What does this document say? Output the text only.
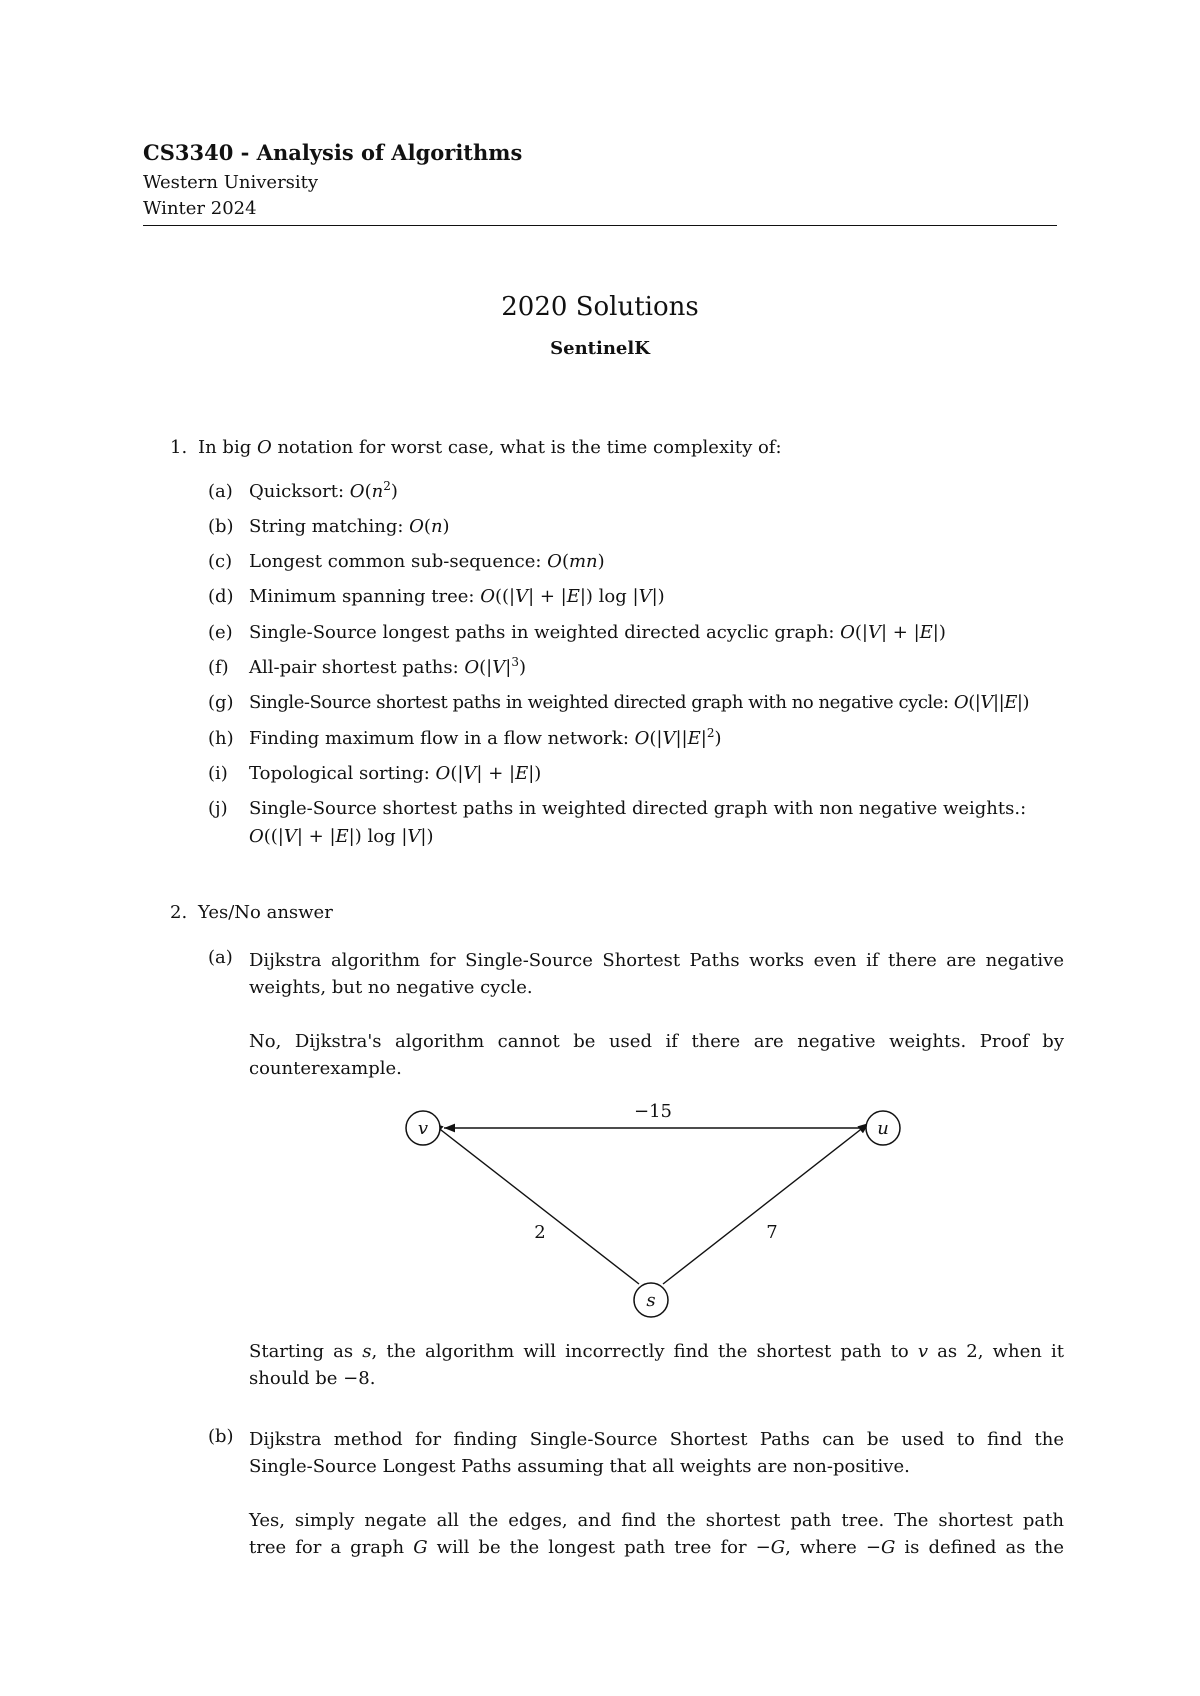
CS3340 - Analysis of Algorithms
Western University
Winter 2024
2020 Solutions
SentinelK
1. In big O notation for worst case, what is the time complexity of:
(a) Quicksort: $O(n^2)$
(b) String matching: O(n)
(c) Longest common sub-sequence: O(mn)
(d) Minimum spanning tree: O((|V| + |E|) log |V|)
(e) Single-Source longest paths in weighted directed acyclic graph: O(|V| + |E|)
(f) All-pair shortest paths: $O(|V|^3)$
(g) Single-Source shortest paths in weighted directed graph with no negative cycle: O(|V||E|)
(h) Finding maximum flow in a flow network: $O(|V||E|^2)$
(i) Topological sorting: O(|V| + |E|)
(j) Single-Source shortest paths in weighted directed graph with non negative weights.:
O((|V| + |E|) log |V|)
2. Yes/No answer
(a) Dijkstra algorithm for Single-Source Shortest Paths works even if there are negative
weights, but no negative cycle.
No, Dijkstra's algorithm cannot be used if there are negative weights. Proof by
counterexample.
v	u
s
−15
2	7
Starting as s, the algorithm will incorrectly find the shortest path to v as 2, when it
should be −8.
(b) Dijkstra method for finding Single-Source Shortest Paths can be used to find the
Single-Source Longest Paths assuming that all weights are non-positive.
Yes, simply negate all the edges, and find the shortest path tree. The shortest path
tree for a graph G will be the longest path tree for −G, where −G is defined as the
